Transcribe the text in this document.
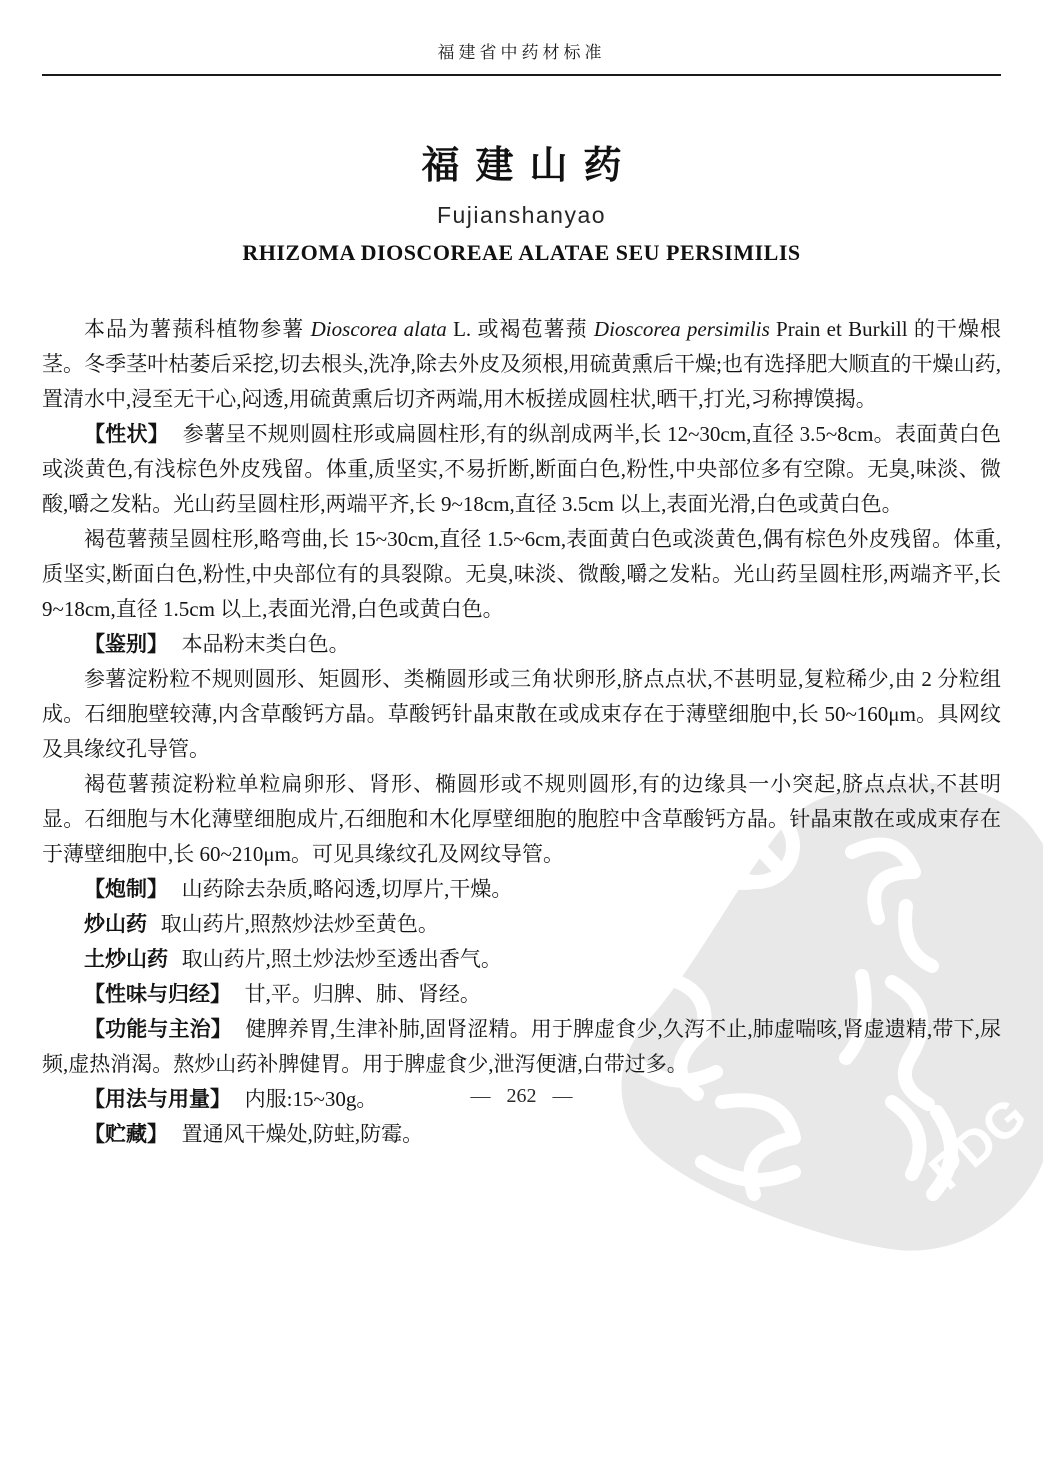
PDG
福建省中药材标准
福建山药
Fujianshanyao
RHIZOMA DIOSCOREAE ALATAE SEU PERSIMILIS

本品为薯蓣科植物参薯 Dioscorea alata L. 或褐苞薯蓣 Dioscorea persimilis Prain et Burkill 的干燥根茎。冬季茎叶枯萎后采挖,切去根头,洗净,除去外皮及须根,用硫黄熏后干燥;也有选择肥大顺直的干燥山药,置清水中,浸至无干心,闷透,用硫黄熏后切齐两端,用木板搓成圆柱状,晒干,打光,习称搏馍揭。

【性状】 参薯呈不规则圆柱形或扁圆柱形,有的纵剖成两半,长 12~30cm,直径 3.5~8cm。表面黄白色或淡黄色,有浅棕色外皮残留。体重,质坚实,不易折断,断面白色,粉性,中央部位多有空隙。无臭,味淡、微酸,嚼之发粘。光山药呈圆柱形,两端平齐,长 9~18cm,直径 3.5cm 以上,表面光滑,白色或黄白色。

褐苞薯蓣呈圆柱形,略弯曲,长 15~30cm,直径 1.5~6cm,表面黄白色或淡黄色,偶有棕色外皮残留。体重,质坚实,断面白色,粉性,中央部位有的具裂隙。无臭,味淡、微酸,嚼之发粘。光山药呈圆柱形,两端齐平,长 9~18cm,直径 1.5cm 以上,表面光滑,白色或黄白色。

【鉴别】 本品粉末类白色。

参薯淀粉粒不规则圆形、矩圆形、类椭圆形或三角状卵形,脐点点状,不甚明显,复粒稀少,由 2 分粒组成。石细胞壁较薄,内含草酸钙方晶。草酸钙针晶束散在或成束存在于薄壁细胞中,长 50~160μm。具网纹及具缘纹孔导管。

褐苞薯蓣淀粉粒单粒扁卵形、肾形、椭圆形或不规则圆形,有的边缘具一小突起,脐点点状,不甚明显。石细胞与木化薄壁细胞成片,石细胞和木化厚壁细胞的胞腔中含草酸钙方晶。针晶束散在或成束存在于薄壁细胞中,长 60~210μm。可见具缘纹孔及网纹导管。

【炮制】 山药除去杂质,略闷透,切厚片,干燥。

炒山药 取山药片,照熬炒法炒至黄色。

土炒山药 取山药片,照土炒法炒至透出香气。

【性味与归经】 甘,平。归脾、肺、肾经。

【功能与主治】 健脾养胃,生津补肺,固肾涩精。用于脾虚食少,久泻不止,肺虚喘咳,肾虚遗精,带下,尿频,虚热消渴。熬炒山药补脾健胃。用于脾虚食少,泄泻便溏,白带过多。

【用法与用量】 内服:15~30g。

【贮藏】 置通风干燥处,防蛀,防霉。

— 262 —
